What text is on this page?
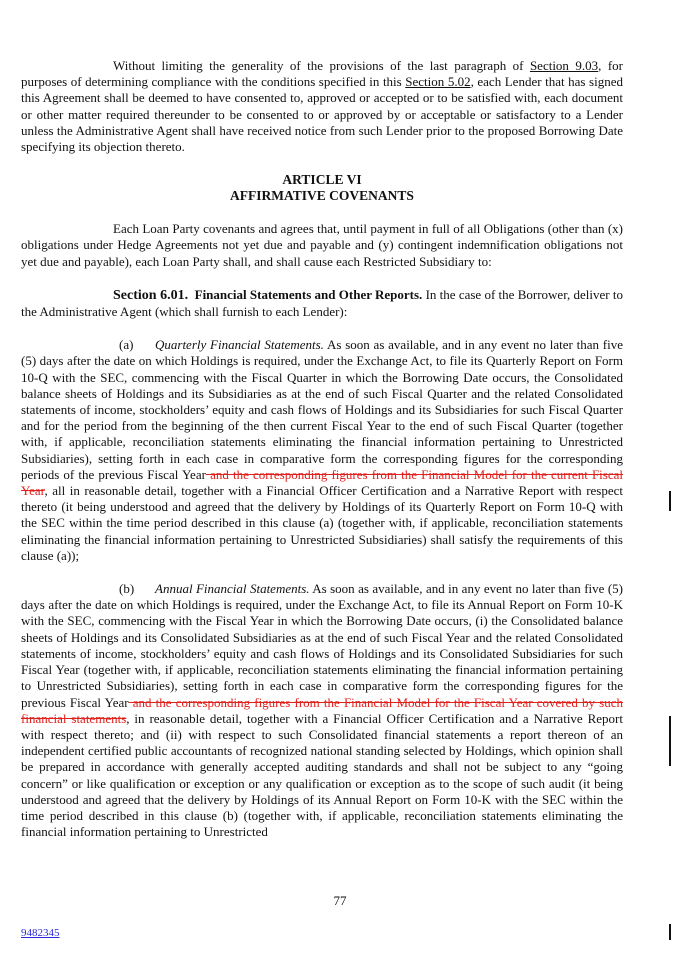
Without limiting the generality of the provisions of the last paragraph of Section 9.03, for purposes of determining compliance with the conditions specified in this Section 5.02, each Lender that has signed this Agreement shall be deemed to have consented to, approved or accepted or to be satisfied with, each document or other matter required thereunder to be consented to or approved by or acceptable or satisfactory to a Lender unless the Administrative Agent shall have received notice from such Lender prior to the proposed Borrowing Date specifying its objection thereto.

ARTICLE VI
AFFIRMATIVE COVENANTS

Each Loan Party covenants and agrees that, until payment in full of all Obligations (other than (x) obligations under Hedge Agreements not yet due and payable and (y) contingent indemnification obligations not yet due and payable), each Loan Party shall, and shall cause each Restricted Subsidiary to:

Section 6.01. Financial Statements and Other Reports. In the case of the Borrower, deliver to the Administrative Agent (which shall furnish to each Lender):

(a) Quarterly Financial Statements. As soon as available, and in any event no later than five (5) days after the date on which Holdings is required, under the Exchange Act, to file its Quarterly Report on Form 10-Q with the SEC, commencing with the Fiscal Quarter in which the Borrowing Date occurs, the Consolidated balance sheets of Holdings and its Subsidiaries as at the end of such Fiscal Quarter and the related Consolidated statements of income, stockholders’ equity and cash flows of Holdings and its Subsidiaries for such Fiscal Quarter and for the period from the beginning of the then current Fiscal Year to the end of such Fiscal Quarter (together with, if applicable, reconciliation statements eliminating the financial information pertaining to Unrestricted Subsidiaries), setting forth in each case in comparative form the corresponding figures for the corresponding periods of the previous Fiscal Year and the corresponding figures from the Financial Model for the current Fiscal Year, all in reasonable detail, together with a Financial Officer Certification and a Narrative Report with respect thereto (it being understood and agreed that the delivery by Holdings of its Quarterly Report on Form 10-Q with the SEC within the time period described in this clause (a) (together with, if applicable, reconciliation statements eliminating the financial information pertaining to Unrestricted Subsidiaries) shall satisfy the requirements of this clause (a));

(b) Annual Financial Statements. As soon as available, and in any event no later than five (5) days after the date on which Holdings is required, under the Exchange Act, to file its Annual Report on Form 10-K with the SEC, commencing with the Fiscal Year in which the Borrowing Date occurs, (i) the Consolidated balance sheets of Holdings and its Consolidated Subsidiaries as at the end of such Fiscal Year and the related Consolidated statements of income, stockholders’ equity and cash flows of Holdings and its Consolidated Subsidiaries for such Fiscal Year (together with, if applicable, reconciliation statements eliminating the financial information pertaining to Unrestricted Subsidiaries), setting forth in each case in comparative form the corresponding figures for the previous Fiscal Year and the corresponding figures from the Financial Model for the Fiscal Year covered by such financial statements, in reasonable detail, together with a Financial Officer Certification and a Narrative Report with respect thereto; and (ii) with respect to such Consolidated financial statements a report thereon of an independent certified public accountants of recognized national standing selected by Holdings, which opinion shall be prepared in accordance with generally accepted auditing standards and shall not be subject to any “going concern” or like qualification or exception or any qualification or exception as to the scope of such audit (it being understood and agreed that the delivery by Holdings of its Annual Report on Form 10-K with the SEC within the time period described in this clause (b) (together with, if applicable, reconciliation statements eliminating the financial information pertaining to Unrestricted

77
9482345
